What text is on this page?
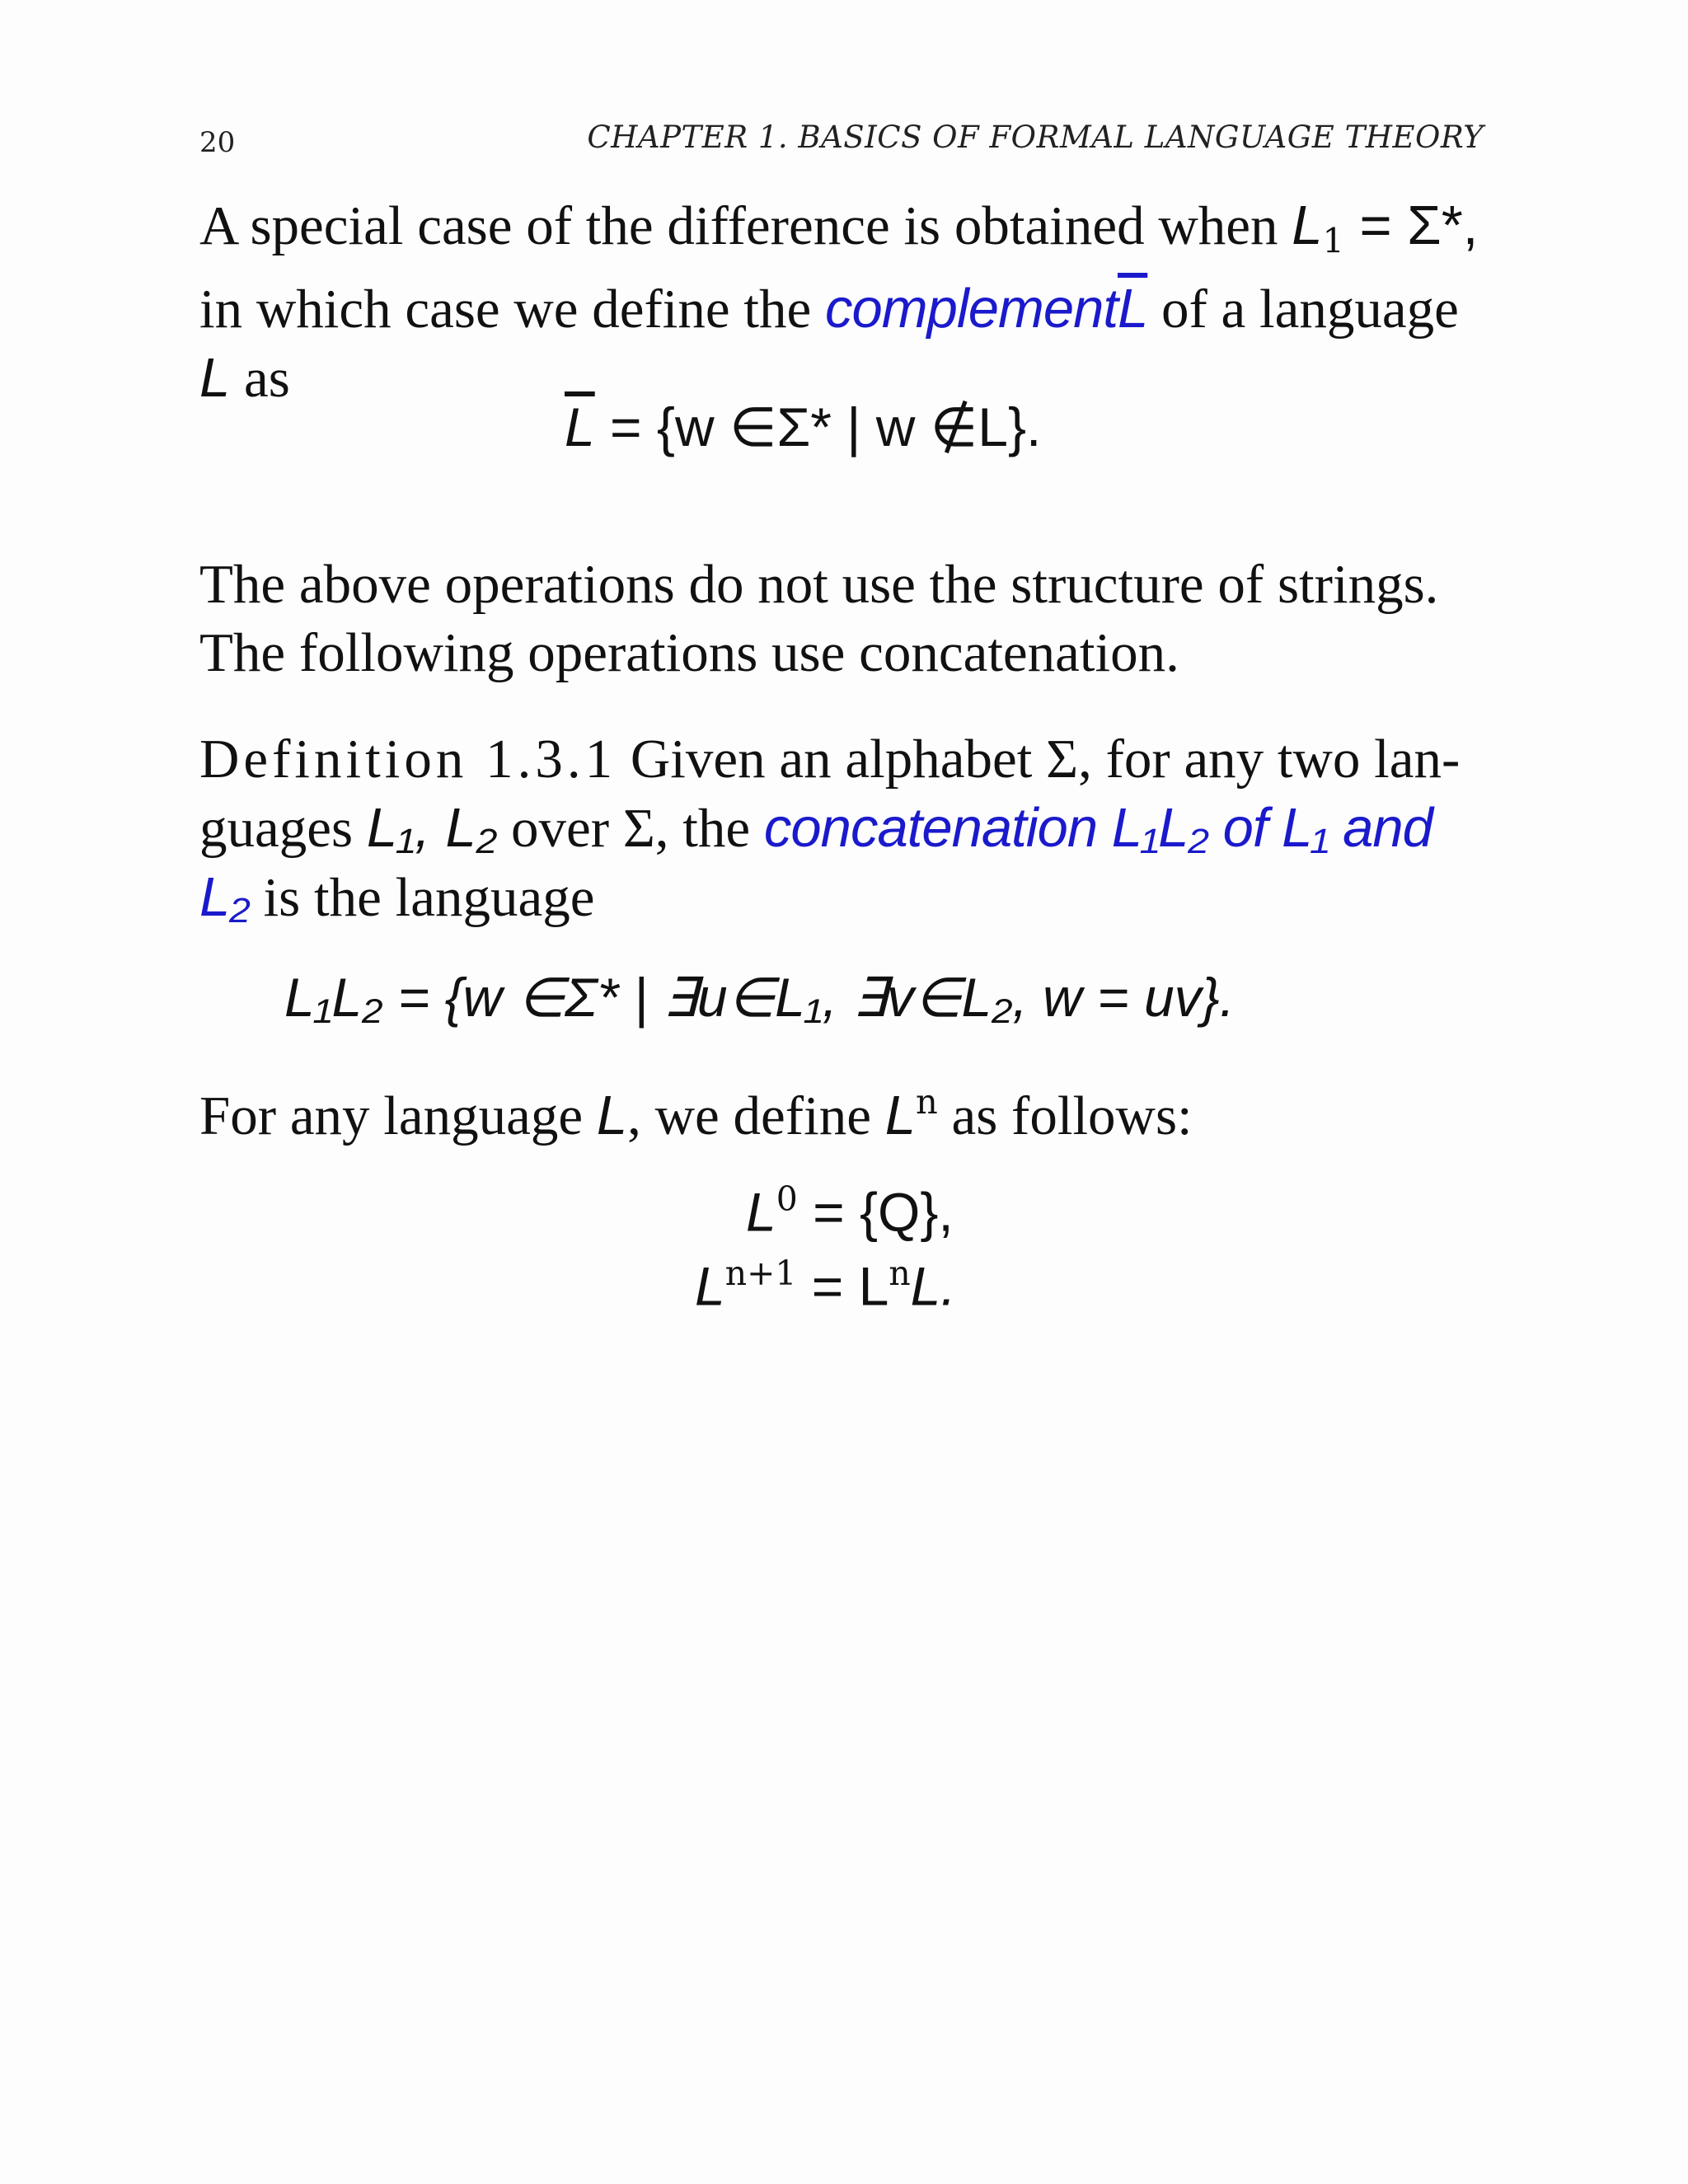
20	CHAPTER 1. BASICS OF FORMAL LANGUAGE THEORY
A special case of the difference is obtained when $L_1 = \Sigma*$,
in which case we define the $complement\overline{L}$ of a language
L as
$\overline{L} = \{w$ ∈Σ* | w ∉L}.
The above operations do not use the structure of strings.
The following operations use concatenation.
Definition 1.3.1 Given an alphabet Σ, for any two lan-
guages L₁, L₂ over Σ, the concatenation L₁L₂ of L₁ and
L₂ is the language
L₁L₂ = {w ∈Σ* | ∃u∈L₁, ∃v∈L₂, w = uv}.
For any language L, we define $L^n$ as follows:
$L^0 = \{Q\}$,
$L^{n+1} = L^nL$.
